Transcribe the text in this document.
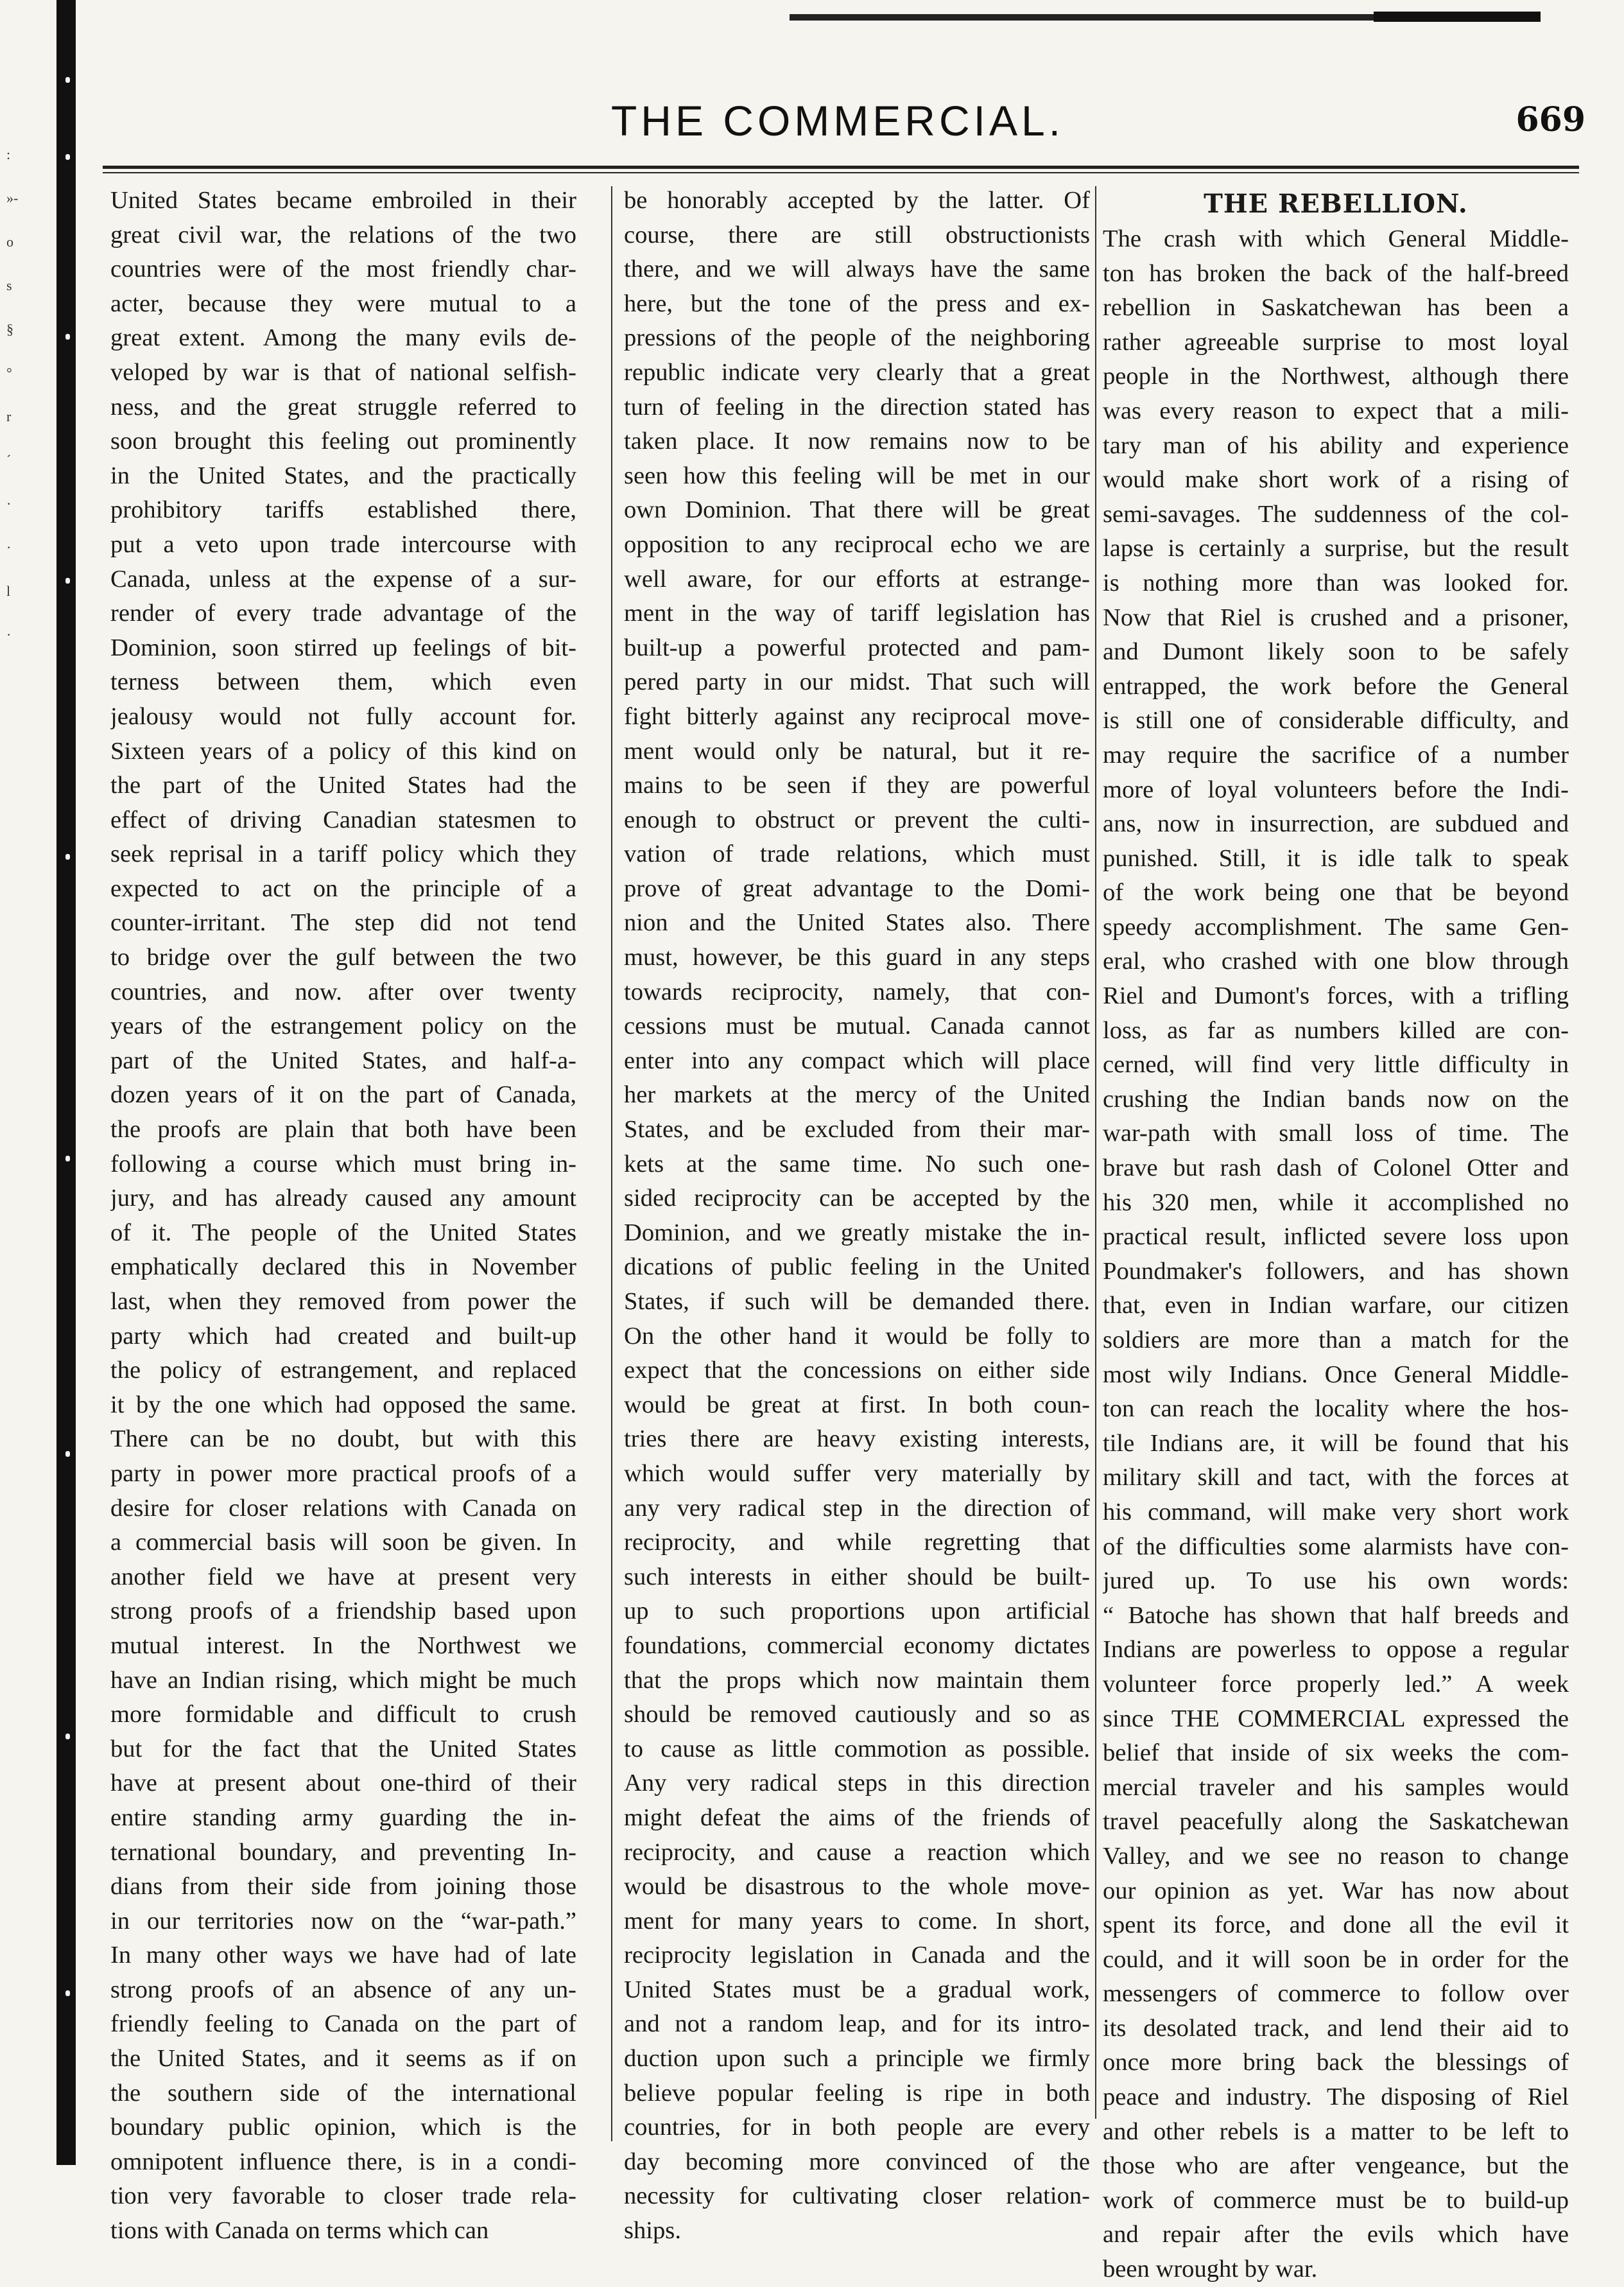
:
»-
o
s
§
°
r
´
·
·
l
·
THE COMMERCIAL.	669
United States became embroiled in their
great civil war, the relations of the two
countries were of the most friendly char-
acter, because they were mutual to a
great extent. Among the many evils de-
veloped by war is that of national selfish-
ness, and the great struggle referred to
soon brought this feeling out prominently
in the United States, and the practically
prohibitory tariffs established there,
put a veto upon trade intercourse with
Canada, unless at the expense of a sur-
render of every trade advantage of the
Dominion, soon stirred up feelings of bit-
terness between them, which even
jealousy would not fully account for.
Sixteen years of a policy of this kind on
the part of the United States had the
effect of driving Canadian statesmen to
seek reprisal in a tariff policy which they
expected to act on the principle of a
counter-irritant. The step did not tend
to bridge over the gulf between the two
countries, and now. after over twenty
years of the estrangement policy on the
part of the United States, and half-a-
dozen years of it on the part of Canada,
the proofs are plain that both have been
following a course which must bring in-
jury, and has already caused any amount
of it. The people of the United States
emphatically declared this in November
last, when they removed from power the
party which had created and built-up
the policy of estrangement, and replaced
it by the one which had opposed the same.
There can be no doubt, but with this
party in power more practical proofs of a
desire for closer relations with Canada on
a commercial basis will soon be given. In
another field we have at present very
strong proofs of a friendship based upon
mutual interest. In the Northwest we
have an Indian rising, which might be much
more formidable and difficult to crush
but for the fact that the United States
have at present about one-third of their
entire standing army guarding the in-
ternational boundary, and preventing In-
dians from their side from joining those
in our territories now on the “war-path.”
In many other ways we have had of late
strong proofs of an absence of any un-
friendly feeling to Canada on the part of
the United States, and it seems as if on
the southern side of the international
boundary public opinion, which is the
omnipotent influence there, is in a condi-
tion very favorable to closer trade rela-
tions with Canada on terms which can
be honorably accepted by the latter. Of
course, there are still obstructionists
there, and we will always have the same
here, but the tone of the press and ex-
pressions of the people of the neighboring
republic indicate very clearly that a great
turn of feeling in the direction stated has
taken place. It now remains now to be
seen how this feeling will be met in our
own Dominion. That there will be great
opposition to any reciprocal echo we are
well aware, for our efforts at estrange-
ment in the way of tariff legislation has
built-up a powerful protected and pam-
pered party in our midst. That such will
fight bitterly against any reciprocal move-
ment would only be natural, but it re-
mains to be seen if they are powerful
enough to obstruct or prevent the culti-
vation of trade relations, which must
prove of great advantage to the Domi-
nion and the United States also. There
must, however, be this guard in any steps
towards reciprocity, namely, that con-
cessions must be mutual. Canada cannot
enter into any compact which will place
her markets at the mercy of the United
States, and be excluded from their mar-
kets at the same time. No such one-
sided reciprocity can be accepted by the
Dominion, and we greatly mistake the in-
dications of public feeling in the United
States, if such will be demanded there.
On the other hand it would be folly to
expect that the concessions on either side
would be great at first. In both coun-
tries there are heavy existing interests,
which would suffer very materially by
any very radical step in the direction of
reciprocity, and while regretting that
such interests in either should be built-
up to such proportions upon artificial
foundations, commercial economy dictates
that the props which now maintain them
should be removed cautiously and so as
to cause as little commotion as possible.
Any very radical steps in this direction
might defeat the aims of the friends of
reciprocity, and cause a reaction which
would be disastrous to the whole move-
ment for many years to come. In short,
reciprocity legislation in Canada and the
United States must be a gradual work,
and not a random leap, and for its intro-
duction upon such a principle we firmly
believe popular feeling is ripe in both
countries, for in both people are every
day becoming more convinced of the
necessity for cultivating closer relation-
ships.
THE REBELLION.
The crash with which General Middle-
ton has broken the back of the half-breed
rebellion in Saskatchewan has been a
rather agreeable surprise to most loyal
people in the Northwest, although there
was every reason to expect that a mili-
tary man of his ability and experience
would make short work of a rising of
semi-savages. The suddenness of the col-
lapse is certainly a surprise, but the result
is nothing more than was looked for.
Now that Riel is crushed and a prisoner,
and Dumont likely soon to be safely
entrapped, the work before the General
is still one of considerable difficulty, and
may require the sacrifice of a number
more of loyal volunteers before the Indi-
ans, now in insurrection, are subdued and
punished. Still, it is idle talk to speak
of the work being one that be beyond
speedy accomplishment. The same Gen-
eral, who crashed with one blow through
Riel and Dumont's forces, with a trifling
loss, as far as numbers killed are con-
cerned, will find very little difficulty in
crushing the Indian bands now on the
war-path with small loss of time. The
brave but rash dash of Colonel Otter and
his 320 men, while it accomplished no
practical result, inflicted severe loss upon
Poundmaker's followers, and has shown
that, even in Indian warfare, our citizen
soldiers are more than a match for the
most wily Indians. Once General Middle-
ton can reach the locality where the hos-
tile Indians are, it will be found that his
military skill and tact, with the forces at
his command, will make very short work
of the difficulties some alarmists have con-
jured up. To use his own words:
“ Batoche has shown that half breeds and
Indians are powerless to oppose a regular
volunteer force properly led.” A week
since THE COMMERCIAL expressed the
belief that inside of six weeks the com-
mercial traveler and his samples would
travel peacefully along the Saskatchewan
Valley, and we see no reason to change
our opinion as yet. War has now about
spent its force, and done all the evil it
could, and it will soon be in order for the
messengers of commerce to follow over
its desolated track, and lend their aid to
once more bring back the blessings of
peace and industry. The disposing of Riel
and other rebels is a matter to be left to
those who are after vengeance, but the
work of commerce must be to build-up
and repair after the evils which have
been wrought by war.
